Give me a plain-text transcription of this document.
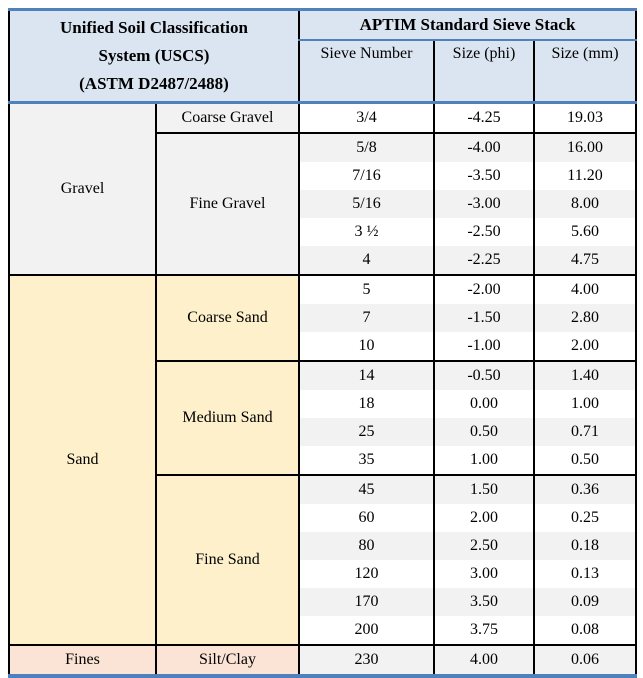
Unified Soil Classification
System (USCS)
(ASTM D2487/2488)		APTIM Standard Sieve Stack		
		Sieve Number	Size (phi)	Size (mm)
Gravel	Coarse Gravel	3/4	-4.25	19.03
	Fine Gravel	5/8	-4.00	16.00
		7/16	-3.50	11.20
		5/16	-3.00	8.00
		3 ½	-2.50	5.60
		4	-2.25	4.75
Sand	Coarse Sand	5	-2.00	4.00
		7	-1.50	2.80
		10	-1.00	2.00
	Medium Sand	14	-0.50	1.40
		18	0.00	1.00
		25	0.50	0.71
		35	1.00	0.50
	Fine Sand	45	1.50	0.36
		60	2.00	0.25
		80	2.50	0.18
		120	3.00	0.13
		170	3.50	0.09
		200	3.75	0.08
Fines	Silt/Clay	230	4.00	0.06
